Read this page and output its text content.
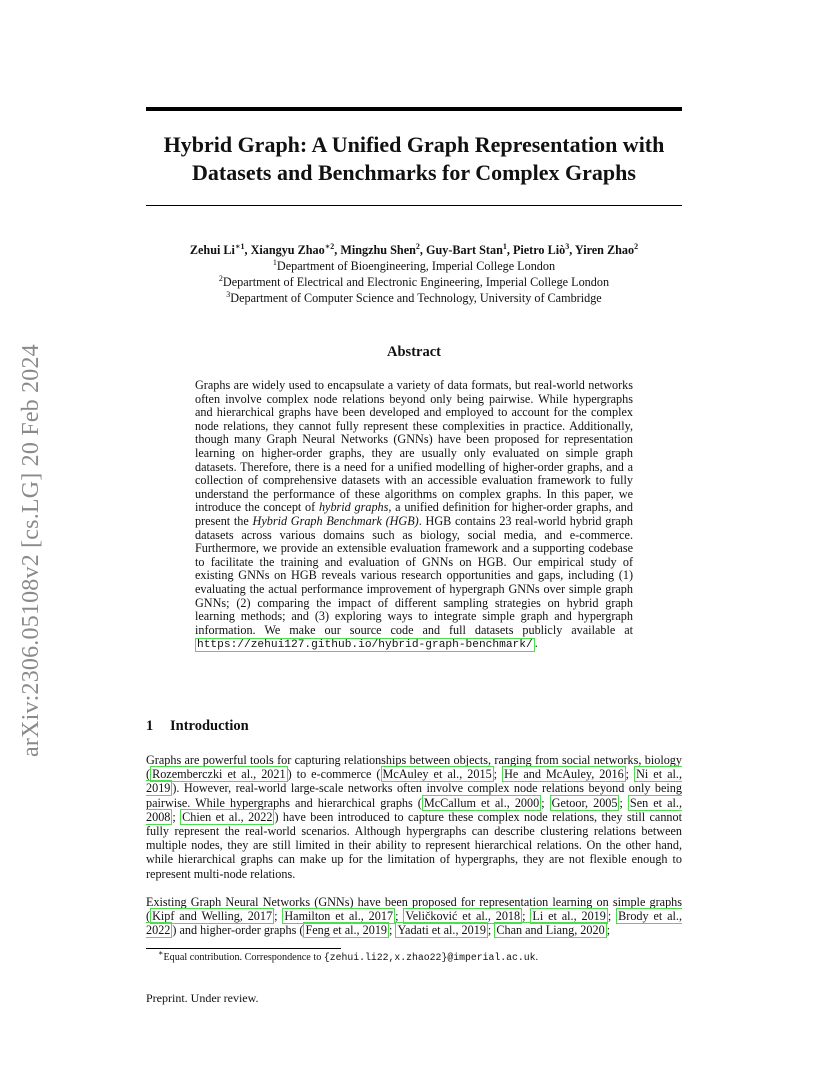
arXiv:2306.05108v2 [cs.LG] 20 Feb 2024
Hybrid Graph: A Unified Graph Representation with Datasets and Benchmarks for Complex Graphs
Zehui $Li^{∗1}$, Xiangyu Zhao$^{∗2}$, Mingzhu Shen$^2$, Guy-Bart Stan$^1$, Pietro Liò$^3$, Yiren Zhao$^2$
$^1$Department of Bioengineering, Imperial College London
$^2$Department of Electrical and Electronic Engineering, Imperial College London
$^3$Department of Computer Science and Technology, University of Cambridge
Abstract
Graphs are widely used to encapsulate a variety of data formats, but real-world networks often involve complex node relations beyond only being pairwise. While hypergraphs and hierarchical graphs have been developed and employed to account for the complex node relations, they cannot fully represent these complexities in practice. Additionally, though many Graph Neural Networks (GNNs) have been proposed for representation learning on higher-order graphs, they are usually only evaluated on simple graph datasets. Therefore, there is a need for a unified modelling of higher-order graphs, and a collection of comprehensive datasets with an accessible evaluation framework to fully understand the performance of these algorithms on complex graphs. In this paper, we introduce the concept of hybrid graphs, a unified definition for higher-order graphs, and present the Hybrid Graph Benchmark (HGB). HGB contains 23 real-world hybrid graph datasets across various domains such as biology, social media, and e-commerce. Furthermore, we provide an extensible evaluation framework and a supporting codebase to facilitate the training and evaluation of GNNs on HGB. Our empirical study of existing GNNs on HGB reveals various research opportunities and gaps, including (1) evaluating the actual performance improvement of hypergraph GNNs over simple graph GNNs; (2) comparing the impact of different sampling strategies on hybrid graph learning methods; and (3) exploring ways to integrate simple graph and hypergraph information. We make our source code and full datasets publicly available at https://zehui127.github.io/hybrid-graph-benchmark/ .
1 Introduction
Graphs are powerful tools for capturing relationships between objects, ranging from social networks, biology ( Rozemberczki et al., 2021 ) to e-commerce ( McAuley et al., 2015 ; He and McAuley, 2016 ; Ni et al., 2019 ). However, real-world large-scale networks often involve complex node relations beyond only being pairwise. While hypergraphs and hierarchical graphs ( McCallum et al., 2000 ; Getoor, 2005 ; Sen et al., 2008 ; Chien et al., 2022 ) have been introduced to capture these complex node relations, they still cannot fully represent the real-world scenarios. Although hypergraphs can describe clustering relations between multiple nodes, they are still limited in their ability to represent hierarchical relations. On the other hand, while hierarchical graphs can make up for the limitation of hypergraphs, they are not flexible enough to represent multi-node relations.
Existing Graph Neural Networks (GNNs) have been proposed for representation learning on simple graphs ( Kipf and Welling, 2017 ; Hamilton et al., 2017 ; Veličković et al., 2018 ; Li et al., 2019 ; Brody et al., 2022 ) and higher-order graphs ( Feng et al., 2019 ; Yadati et al., 2019 ; Chan and Liang, 2020 ;
∗Equal contribution. Correspondence to {zehui.li22,x.zhao22}@imperial.ac.uk.
Preprint. Under review.
